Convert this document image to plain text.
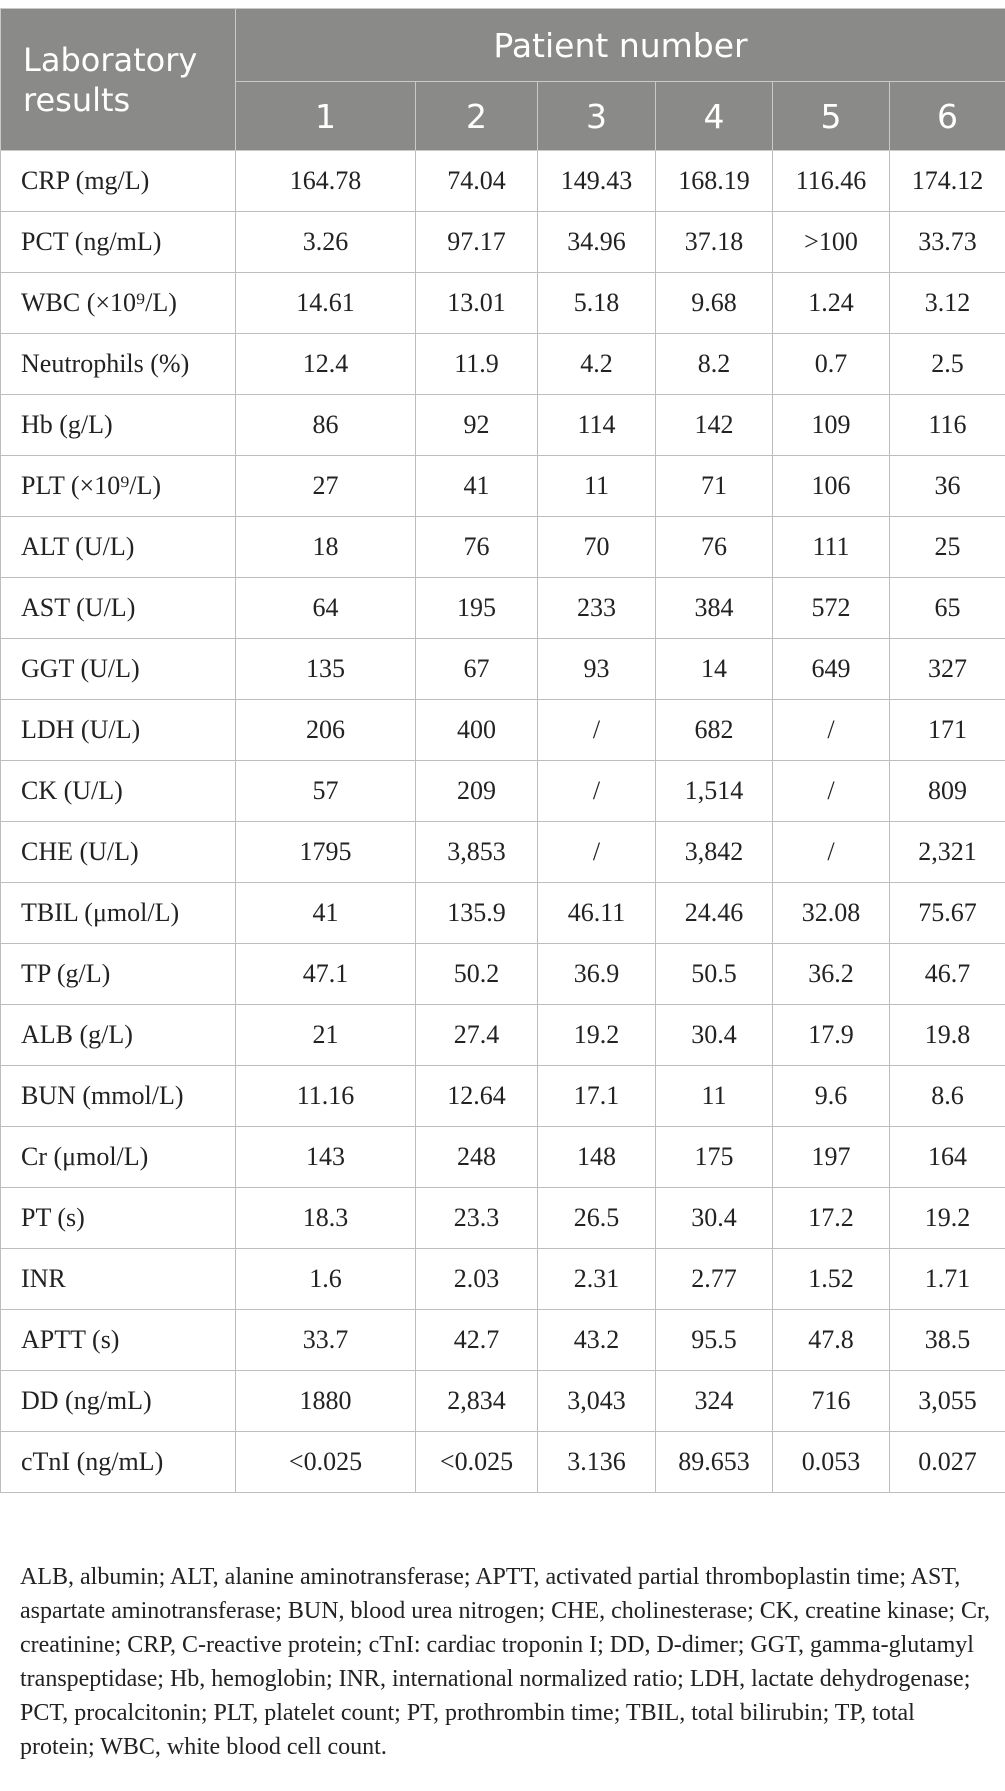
Laboratory results	Patient number					
	1	2	3	4	5	6
CRP (mg/L)	164.78	74.04	149.43	168.19	116.46	174.12
PCT (ng/mL)	3.26	97.17	34.96	37.18	>100	33.73
WBC (×10⁹/L)	14.61	13.01	5.18	9.68	1.24	3.12
Neutrophils (%)	12.4	11.9	4.2	8.2	0.7	2.5
Hb (g/L)	86	92	114	142	109	116
PLT (×10⁹/L)	27	41	11	71	106	36
ALT (U/L)	18	76	70	76	111	25
AST (U/L)	64	195	233	384	572	65
GGT (U/L)	135	67	93	14	649	327
LDH (U/L)	206	400	/	682	/	171
CK (U/L)	57	209	/	1,514	/	809
CHE (U/L)	1795	3,853	/	3,842	/	2,321
TBIL (μmol/L)	41	135.9	46.11	24.46	32.08	75.67
TP (g/L)	47.1	50.2	36.9	50.5	36.2	46.7
ALB (g/L)	21	27.4	19.2	30.4	17.9	19.8
BUN (mmol/L)	11.16	12.64	17.1	11	9.6	8.6
Cr (μmol/L)	143	248	148	175	197	164
PT (s)	18.3	23.3	26.5	30.4	17.2	19.2
INR	1.6	2.03	2.31	2.77	1.52	1.71
APTT (s)	33.7	42.7	43.2	95.5	47.8	38.5
DD (ng/mL)	1880	2,834	3,043	324	716	3,055
cTnI (ng/mL)	<0.025	<0.025	3.136	89.653	0.053	0.027

ALB, albumin; ALT, alanine aminotransferase; APTT, activated partial thromboplastin time; AST, aspartate aminotransferase; BUN, blood urea nitrogen; CHE, cholinesterase; CK, creatine kinase; Cr, creatinine; CRP, C-reactive protein; cTnI: cardiac troponin I; DD, D-dimer; GGT, gamma-glutamyl transpeptidase; Hb, hemoglobin; INR, international normalized ratio; LDH, lactate dehydrogenase; PCT, procalcitonin; PLT, platelet count; PT, prothrombin time; TBIL, total bilirubin; TP, total protein; WBC, white blood cell count.
